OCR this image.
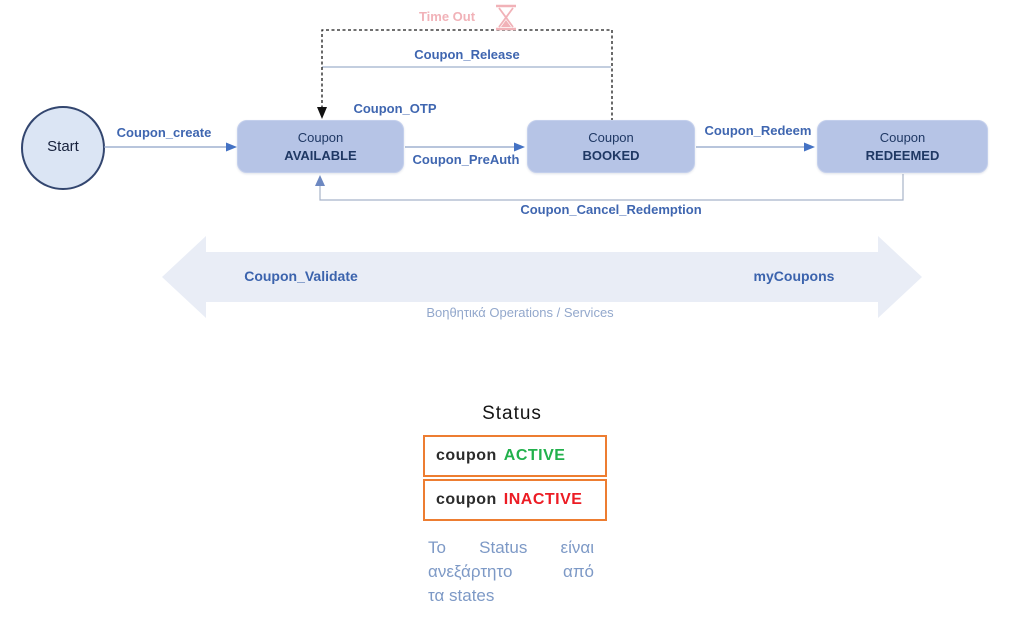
Start
Coupon
AVAILABLE
Coupon
BOOKED
Coupon
REDEEMED
Coupon_create
Coupon_OTP
Coupon_PreAuth
Coupon_Redeem
Coupon_Release
Coupon_Cancel_Redemption
Time Out
Coupon_Validate	myCoupons
Βοηθητικά Operations / Services
Status
coupon ACTIVE
coupon INACTIVE
Το Status είναι
ανεξάρτητο από
τα states
